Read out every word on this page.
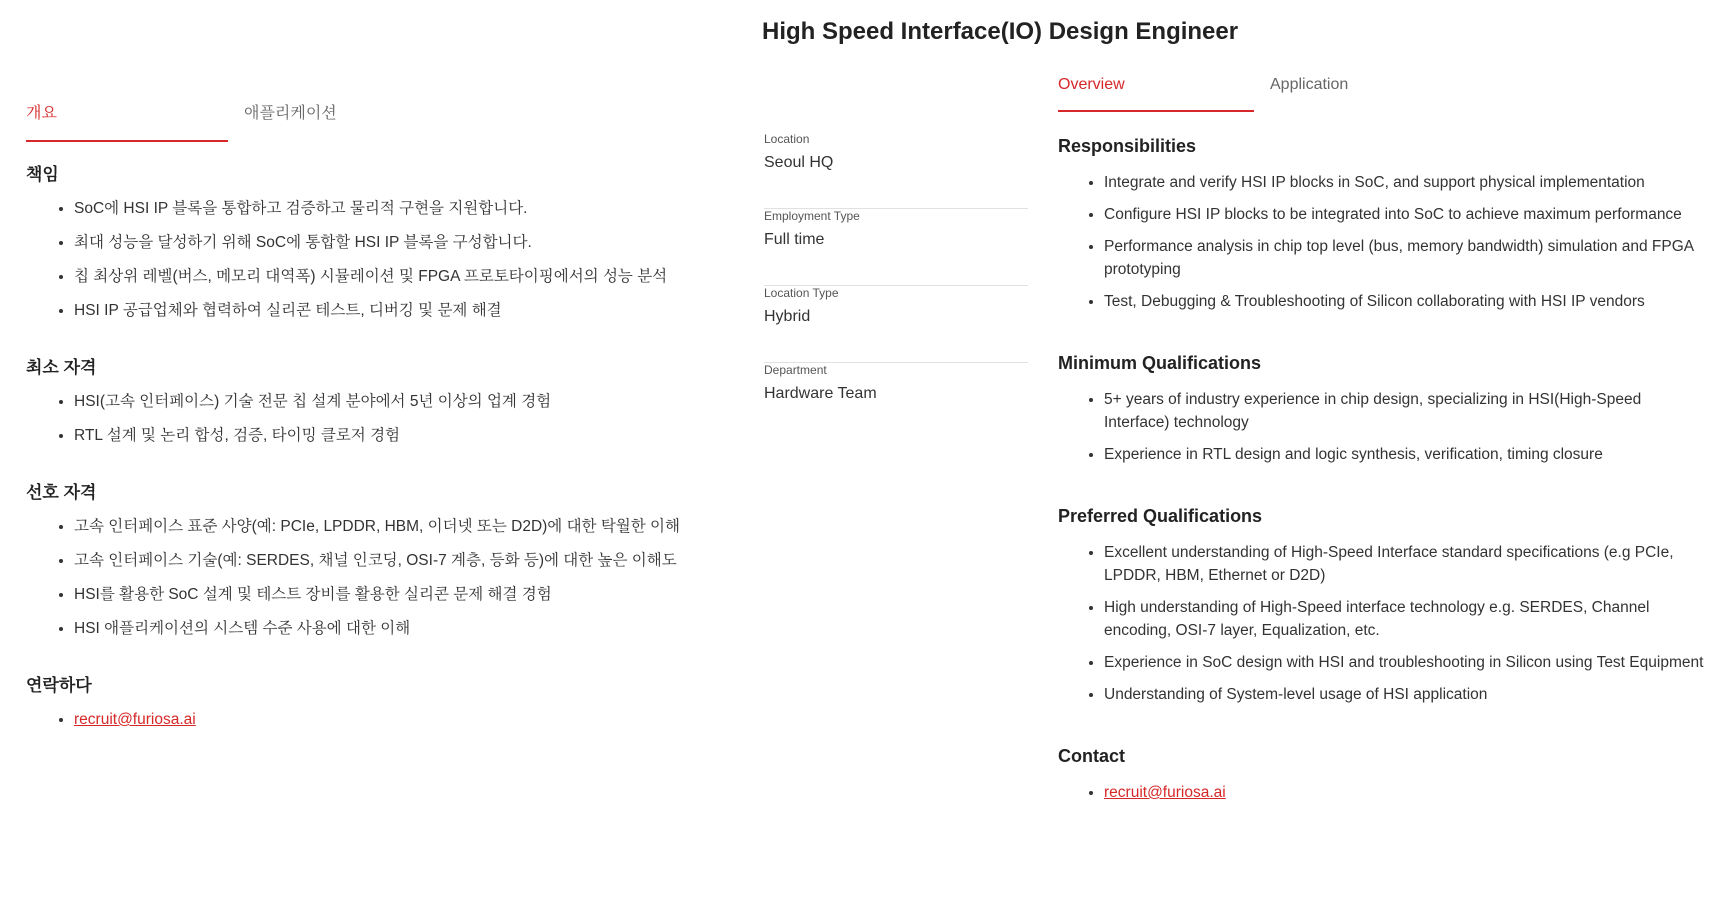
High Speed Interface(IO) Design Engineer
개요	애플리케이션
책임
• SoC에 HSI IP 블록을 통합하고 검증하고 물리적 구현을 지원합니다.
• 최대 성능을 달성하기 위해 SoC에 통합할 HSI IP 블록을 구성합니다.
• 칩 최상위 레벨(버스, 메모리 대역폭) 시뮬레이션 및 FPGA 프로토타이핑에서의 성능 분석
• HSI IP 공급업체와 협력하여 실리콘 테스트, 디버깅 및 문제 해결
최소 자격
• HSI(고속 인터페이스) 기술 전문 칩 설계 분야에서 5년 이상의 업계 경험
• RTL 설계 및 논리 합성, 검증, 타이밍 클로저 경험
선호 자격
• 고속 인터페이스 표준 사양(예: PCIe, LPDDR, HBM, 이더넷 또는 D2D)에 대한 탁월한 이해
• 고속 인터페이스 기술(예: SERDES, 채널 인코딩, OSI-7 계층, 등화 등)에 대한 높은 이해도
• HSI를 활용한 SoC 설계 및 테스트 장비를 활용한 실리콘 문제 해결 경험
• HSI 애플리케이션의 시스템 수준 사용에 대한 이해
연락하다
• recruit@furiosa.ai
Location
Seoul HQ
Employment Type
Full time
Location Type
Hybrid
Department
Hardware Team
Overview	Application
Responsibilities
• Integrate and verify HSI IP blocks in SoC, and support physical implementation
• Configure HSI IP blocks to be integrated into SoC to achieve maximum performance
• Performance analysis in chip top level (bus, memory bandwidth) simulation and FPGA prototyping
• Test, Debugging & Troubleshooting of Silicon collaborating with HSI IP vendors
Minimum Qualifications
• 5+ years of industry experience in chip design, specializing in HSI(High-Speed Interface) technology
• Experience in RTL design and logic synthesis, verification, timing closure
Preferred Qualifications
• Excellent understanding of High-Speed Interface standard specifications (e.g PCIe, LPDDR, HBM, Ethernet or D2D)
• High understanding of High-Speed interface technology e.g. SERDES, Channel encoding, OSI-7 layer, Equalization, etc.
• Experience in SoC design with HSI and troubleshooting in Silicon using Test Equipment
• Understanding of System-level usage of HSI application
Contact
• recruit@furiosa.ai
